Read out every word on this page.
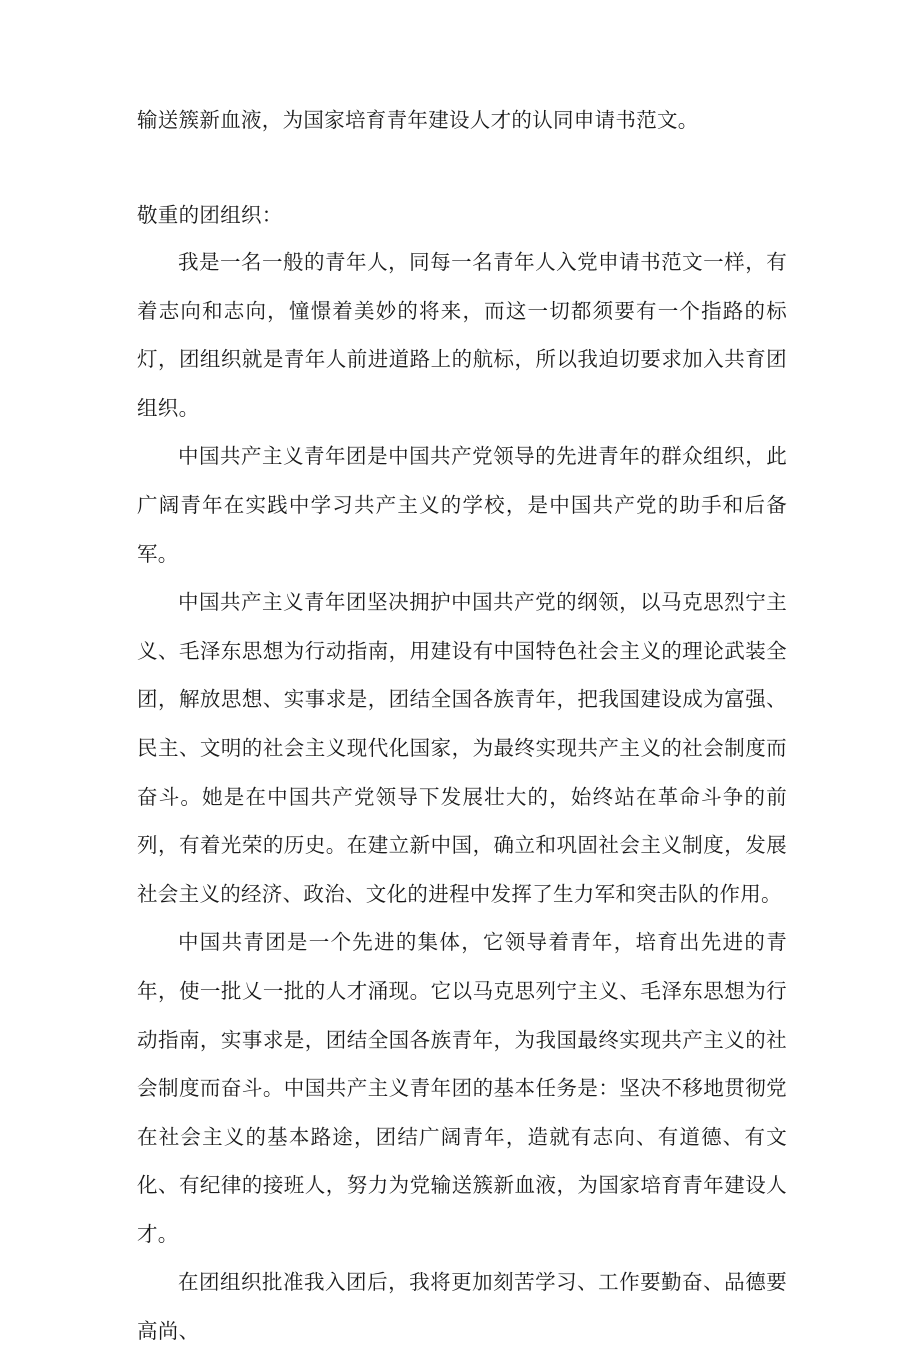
输送簇新血液，为国家培育青年建设人才的认同申请书范文。

敬重的团组织：

我是一名一般的青年人，同每一名青年人入党申请书范文一样，有着志向和志向，憧憬着美妙的将来，而这一切都须要有一个指路的标灯，团组织就是青年人前进道路上的航标，所以我迫切要求加入共育团组织。

中国共产主义青年团是中国共产党领导的先进青年的群众组织，此广阔青年在实践中学习共产主义的学校，是中国共产党的助手和后备军。

中国共产主义青年团坚决拥护中国共产党的纲领，以马克思烈宁主义、毛泽东思想为行动指南，用建设有中国特色社会主义的理论武装全团，解放思想、实事求是，团结全国各族青年，把我国建设成为富强、民主、文明的社会主义现代化国家，为最终实现共产主义的社会制度而奋斗。她是在中国共产党领导下发展壮大的，始终站在革命斗争的前列，有着光荣的历史。在建立新中国，确立和巩固社会主义制度，发展社会主义的经济、政治、文化的进程中发挥了生力军和突击队的作用。

中国共青团是一个先进的集体，它领导着青年，培育出先进的青年，使一批乂一批的人才涌现。它以马克思列宁主义、毛泽东思想为行动指南，实事求是，团结全国各族青年，为我国最终实现共产主义的社会制度而奋斗。中国共产主义青年团的基本任务是：坚决不移地贯彻党在社会主义的基本路途，团结广阔青年，造就有志向、有道德、有文化、有纪律的接班人，努力为党输送簇新血液，为国家培育青年建设人才。

在团组织批准我入团后，我将更加刻苦学习、工作要勤奋、品德要高尚、
